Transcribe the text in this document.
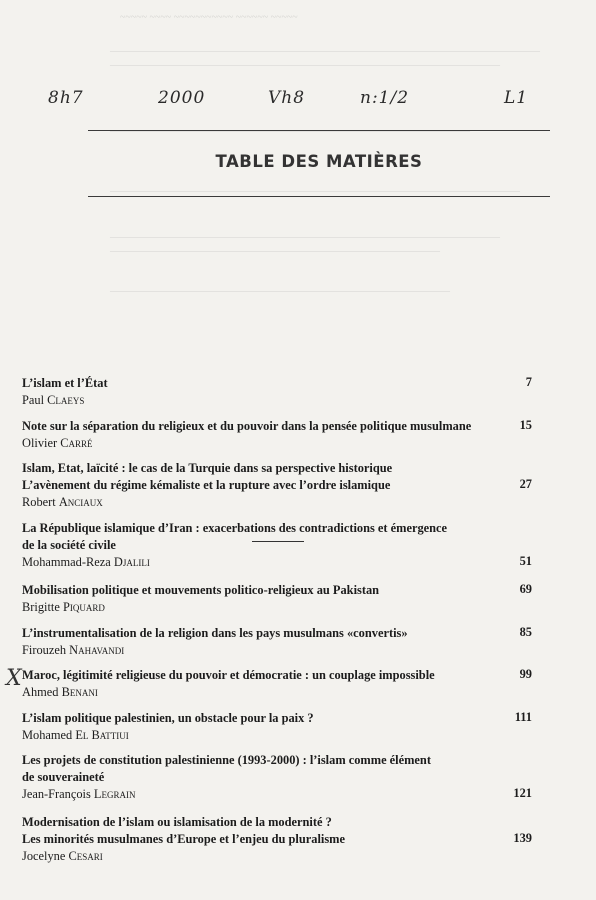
~~~~~ ~~~~ ~~~~~~~~~~~ ~~~~~~ ~~~~~
———————————————————————————————————————————
———————————————————————————————————————
————————————————————————————————————
—————————————————————————————————————————
———————————————————————————————————————
—————————————————————————————————
——————————————————————————————————
8h7	2000	Vh8	n:1/2	L1
TABLE DES MATIÈRES
L’islam et l’État
Paul Claeys
7
Note sur la séparation du religieux et du pouvoir dans la pensée politique musulmane
Olivier Carré
15
Islam, Etat, laïcité : le cas de la Turquie dans sa perspective historique
L’avènement du régime kémaliste et la rupture avec l’ordre islamique
Robert Anciaux
27
La République islamique d’Iran : exacerbations des contradictions et émergence
de la société civile
Mohammad-Reza Djalili	51
Mobilisation politique et mouvements politico-religieux au Pakistan
Brigitte Piquard
69
L’instrumentalisation de la religion dans les pays musulmans «convertis»
Firouzeh Nahavandi
85
Maroc, légitimité religieuse du pouvoir et démocratie : un couplage impossible
Ahmed Benani
99
L’islam politique palestinien, un obstacle pour la paix ?
Mohamed El Battiui
111
Les projets de constitution palestinienne (1993-2000) : l’islam comme élément
de souveraineté
Jean-François Legrain	121
Modernisation de l’islam ou islamisation de la modernité ?
Les minorités musulmanes d’Europe et l’enjeu du pluralisme
Jocelyne Cesari
139
X
